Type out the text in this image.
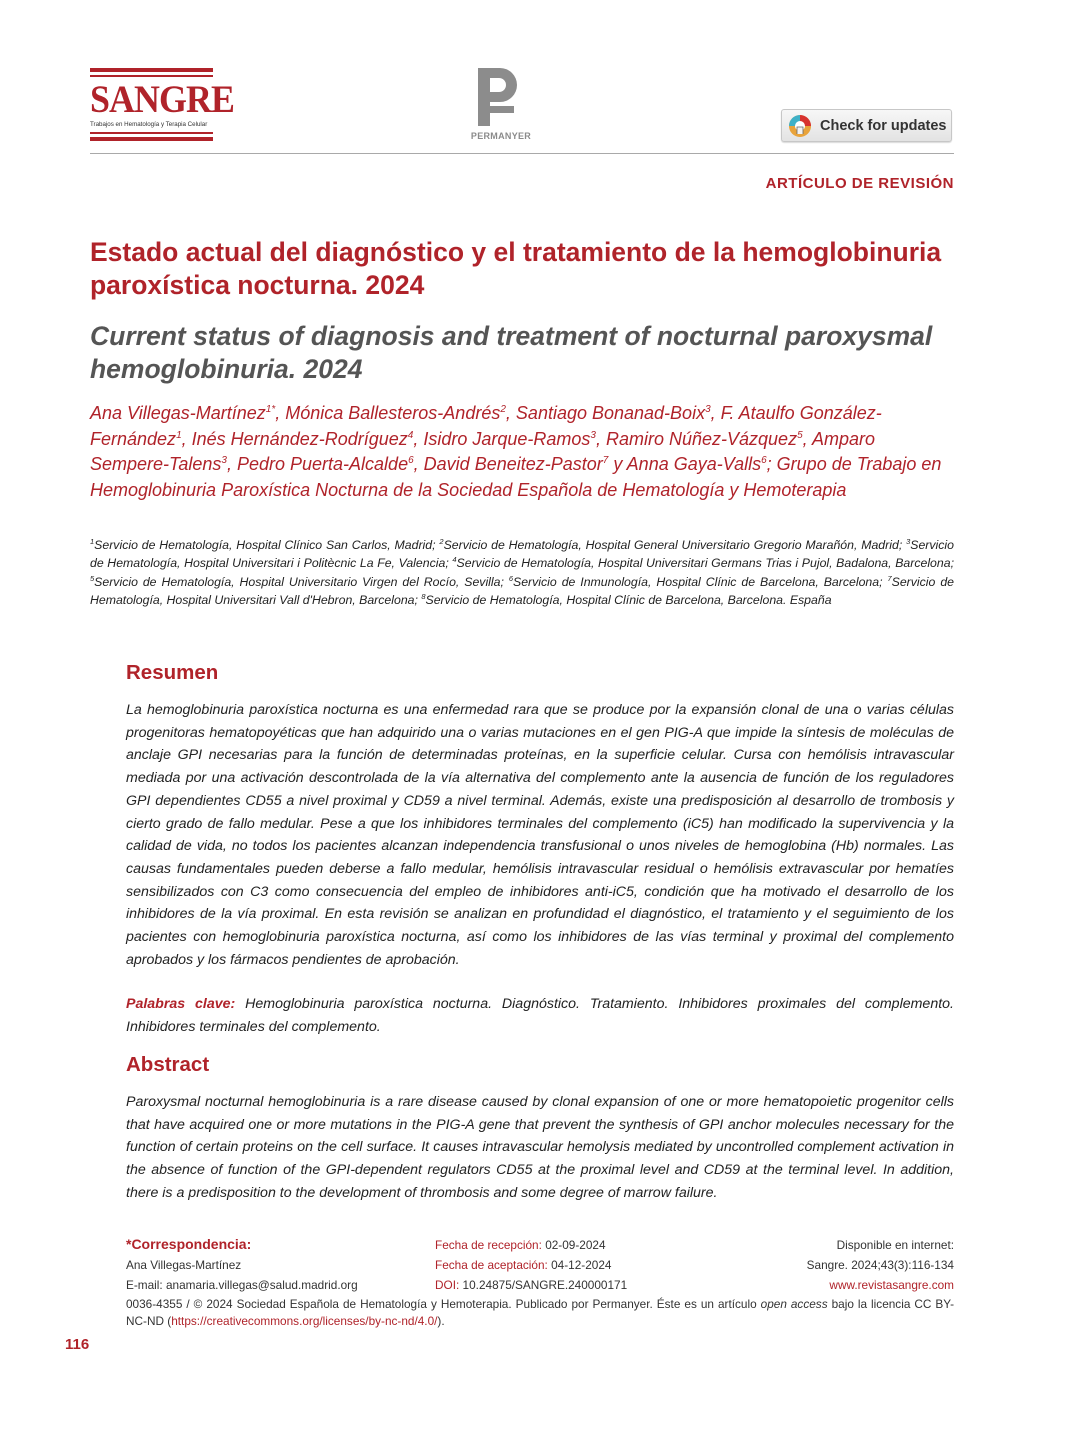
SANGRE
Trabajos en Hematología y Terapia Celular
PERMANYER
Check for updates
ARTÍCULO DE REVISIÓN
Estado actual del diagnóstico y el tratamiento de la hemoglobinuria paroxística nocturna. 2024
Current status of diagnosis and treatment of nocturnal paroxysmal hemoglobinuria. 2024
Ana Villegas-Martínez$^{1*}$, Mónica Ballesteros-Andrés$^2$, Santiago Bonanad-Boix$^3$, F. Ataulfo González-Fernández$^1$, Inés Hernández-Rodríguez$^4$, Isidro Jarque-Ramos$^3$, Ramiro Núñez-Vázquez$^5$, Amparo Sempere-Talens$^3$, Pedro Puerta-Alcalde$^6$, David Beneitez-Pastor$^7$ y Anna Gaya-Valls$^6$; Grupo de Trabajo en Hemoglobinuria Paroxística Nocturna de la Sociedad Española de Hematología y Hemoterapia
$^1$Servicio de Hematología, Hospital Clínico San Carlos, Madrid; $^2$Servicio de Hematología, Hospital General Universitario Gregorio Marañón, Madrid; $^3$Servicio de Hematología, Hospital Universitari i Politècnic La Fe, Valencia; $^4$Servicio de Hematología, Hospital Universitari Germans Trias i Pujol, Badalona, Barcelona; $^5$Servicio de Hematología, Hospital Universitario Virgen del Rocío, Sevilla; $^6$Servicio de Inmunología, Hospital Clínic de Barcelona, Barcelona; $^7$Servicio de Hematología, Hospital Universitari Vall d'Hebron, Barcelona; $^8$Servicio de Hematología, Hospital Clínic de Barcelona, Barcelona. España
Resumen
La hemoglobinuria paroxística nocturna es una enfermedad rara que se produce por la expansión clonal de una o varias células progenitoras hematopoyéticas que han adquirido una o varias mutaciones en el gen PIG-A que impide la síntesis de moléculas de anclaje GPI necesarias para la función de determinadas proteínas, en la superficie celular. Cursa con hemólisis intravascular mediada por una activación descontrolada de la vía alternativa del complemento ante la ausencia de función de los reguladores GPI dependientes CD55 a nivel proximal y CD59 a nivel terminal. Además, existe una predisposición al desarrollo de trombosis y cierto grado de fallo medular. Pese a que los inhibidores terminales del complemento (iC5) han modificado la supervivencia y la calidad de vida, no todos los pacientes alcanzan independencia transfusional o unos niveles de hemoglobina (Hb) normales. Las causas fundamentales pueden deberse a fallo medular, hemólisis intravascular residual o hemólisis extravascular por hematíes sensibilizados con C3 como consecuencia del empleo de inhibidores anti-iC5, condición que ha motivado el desarrollo de los inhibidores de la vía proximal. En esta revisión se analizan en profundidad el diagnóstico, el tratamiento y el seguimiento de los pacientes con hemoglobinuria paroxística nocturna, así como los inhibidores de las vías terminal y proximal del complemento aprobados y los fármacos pendientes de aprobación.
Palabras clave: Hemoglobinuria paroxística nocturna. Diagnóstico. Tratamiento. Inhibidores proximales del complemento. Inhibidores terminales del complemento.
Abstract
Paroxysmal nocturnal hemoglobinuria is a rare disease caused by clonal expansion of one or more hematopoietic progenitor cells that have acquired one or more mutations in the PIG-A gene that prevent the synthesis of GPI anchor molecules necessary for the function of certain proteins on the cell surface. It causes intravascular hemolysis mediated by uncontrolled complement activation in the absence of function of the GPI-dependent regulators CD55 at the proximal level and CD59 at the terminal level. In addition, there is a predisposition to the development of thrombosis and some degree of marrow failure.
*Correspondencia:
Ana Villegas-Martínez
E-mail: anamaria.villegas@salud.madrid.org
Fecha de recepción: 02-09-2024
Fecha de aceptación: 04-12-2024
DOI: 10.24875/SANGRE.240000171
Disponible en internet:
Sangre. 2024;43(3):116-134
www.revistasangre.com
0036-4355 / © 2024 Sociedad Española de Hematología y Hemoterapia. Publicado por Permanyer. Éste es un artículo open access bajo la licencia CC BY-NC-ND (https://creativecommons.org/licenses/by-nc-nd/4.0/).
116
